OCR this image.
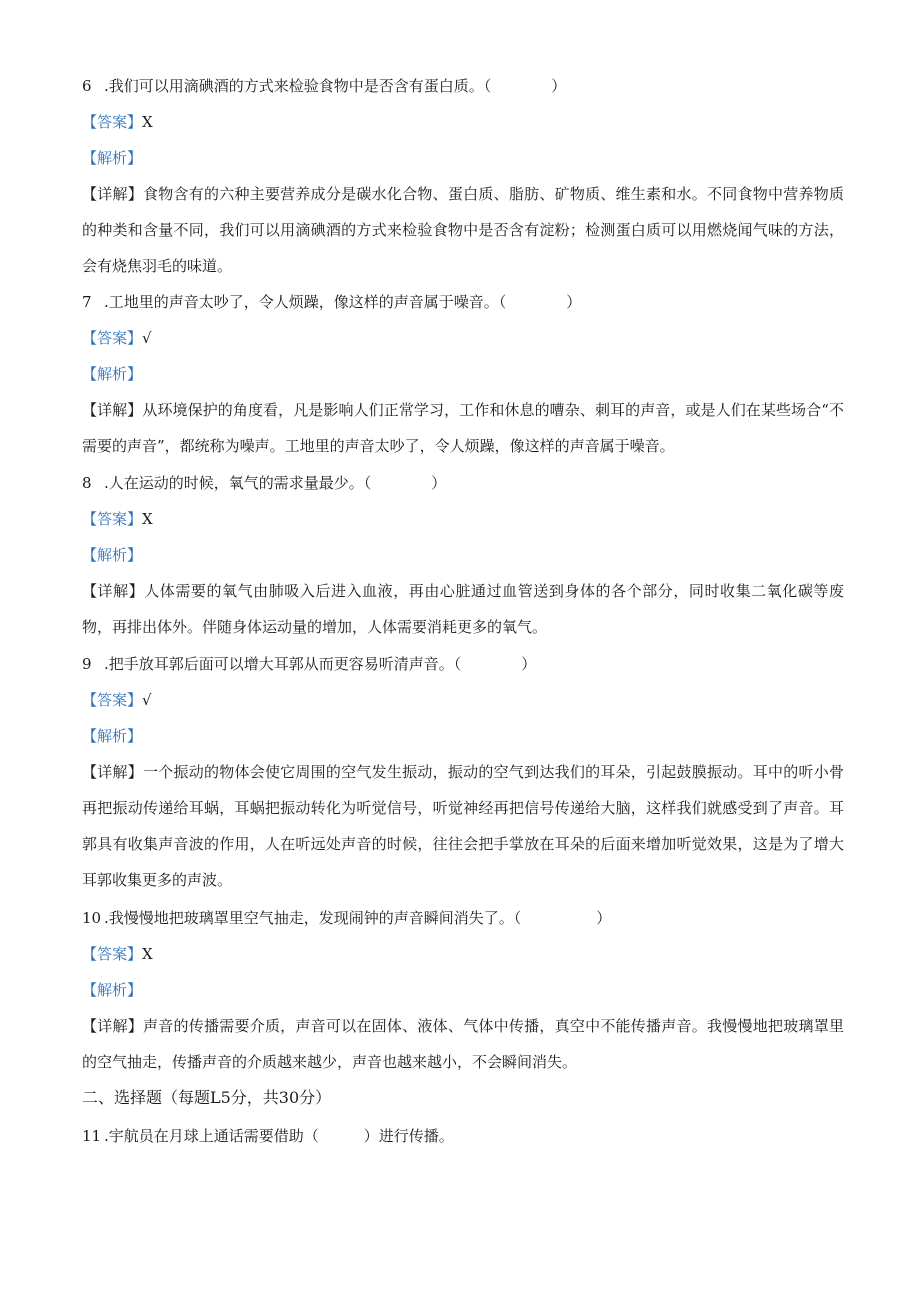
6 .我们可以用滴碘酒的方式来检验食物中是否含有蛋白质。（　　　　）
【答案】X
【解析】
【详解】食物含有的六种主要营养成分是碳水化合物、蛋白质、脂肪、矿物质、维生素和水。不同食物中营养物质的种类和含量不同，我们可以用滴碘酒的方式来检验食物中是否含有淀粉；检测蛋白质可以用燃烧闻气味的方法，会有烧焦羽毛的味道。
7 .工地里的声音太吵了，令人烦躁，像这样的声音属于噪音。（　　　　）
【答案】√
【解析】
【详解】从环境保护的角度看，凡是影响人们正常学习，工作和休息的嘈杂、刺耳的声音，或是人们在某些场合“不需要的声音”，都统称为噪声。工地里的声音太吵了，令人烦躁，像这样的声音属于噪音。
8 .人在运动的时候，氧气的需求量最少。（　　　　）
【答案】X
【解析】
【详解】人体需要的氧气由肺吸入后进入血液，再由心脏通过血管送到身体的各个部分，同时收集二氧化碳等废物，再排出体外。伴随身体运动量的增加，人体需要消耗更多的氧气。
9 .把手放耳郭后面可以增大耳郭从而更容易听清声音。（　　　　）
【答案】√
【解析】
【详解】一个振动的物体会使它周围的空气发生振动，振动的空气到达我们的耳朵，引起鼓膜振动。耳中的听小骨再把振动传递给耳蜗，耳蜗把振动转化为听觉信号，听觉神经再把信号传递给大脑，这样我们就感受到了声音。耳郭具有收集声音波的作用，人在听远处声音的时候，往往会把手掌放在耳朵的后面来增加听觉效果，这是为了增大耳郭收集更多的声波。
10 .我慢慢地把玻璃罩里空气抽走，发现闹钟的声音瞬间消失了。（　　　　　）
【答案】X
【解析】
【详解】声音的传播需要介质，声音可以在固体、液体、气体中传播，真空中不能传播声音。我慢慢地把玻璃罩里的空气抽走，传播声音的介质越来越少，声音也越来越小，不会瞬间消失。
二、选择题（每题L5分，共30分）
11 .宇航员在月球上通话需要借助（　　　）进行传播。
